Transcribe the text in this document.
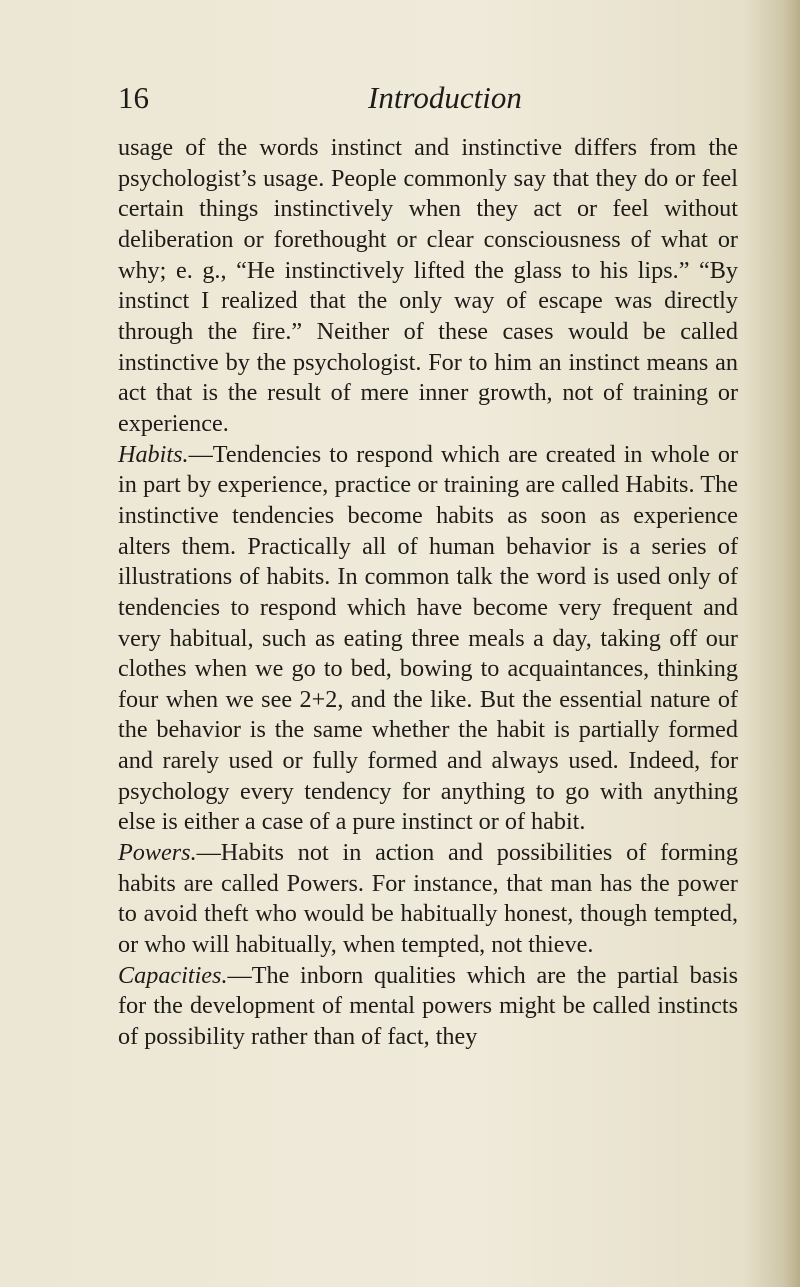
16	Introduction

usage of the words instinct and instinctive differs from the psychologist’s usage. People commonly say that they do or feel certain things instinctively when they act or feel without deliberation or forethought or clear consciousness of what or why; e. g., “He instinctively lifted the glass to his lips.” “By instinct I realized that the only way of escape was directly through the fire.” Neither of these cases would be called instinctive by the psychologist. For to him an instinct means an act that is the result of mere inner growth, not of training or experience.

Habits.—Tendencies to respond which are created in whole or in part by experience, practice or training are called Habits. The instinctive tendencies become habits as soon as experience alters them. Practically all of human behavior is a series of illustrations of habits. In common talk the word is used only of tendencies to respond which have become very frequent and very habitual, such as eating three meals a day, taking off our clothes when we go to bed, bowing to acquaintances, thinking four when we see 2+2, and the like. But the essential nature of the behavior is the same whether the habit is partially formed and rarely used or fully formed and always used. Indeed, for psychology every tendency for anything to go with anything else is either a case of a pure instinct or of habit.

Powers.—Habits not in action and possibilities of forming habits are called Powers. For instance, that man has the power to avoid theft who would be habitually honest, though tempted, or who will habitually, when tempted, not thieve.

Capacities.—The inborn qualities which are the partial basis for the development of mental powers might be called instincts of possibility rather than of fact, they
